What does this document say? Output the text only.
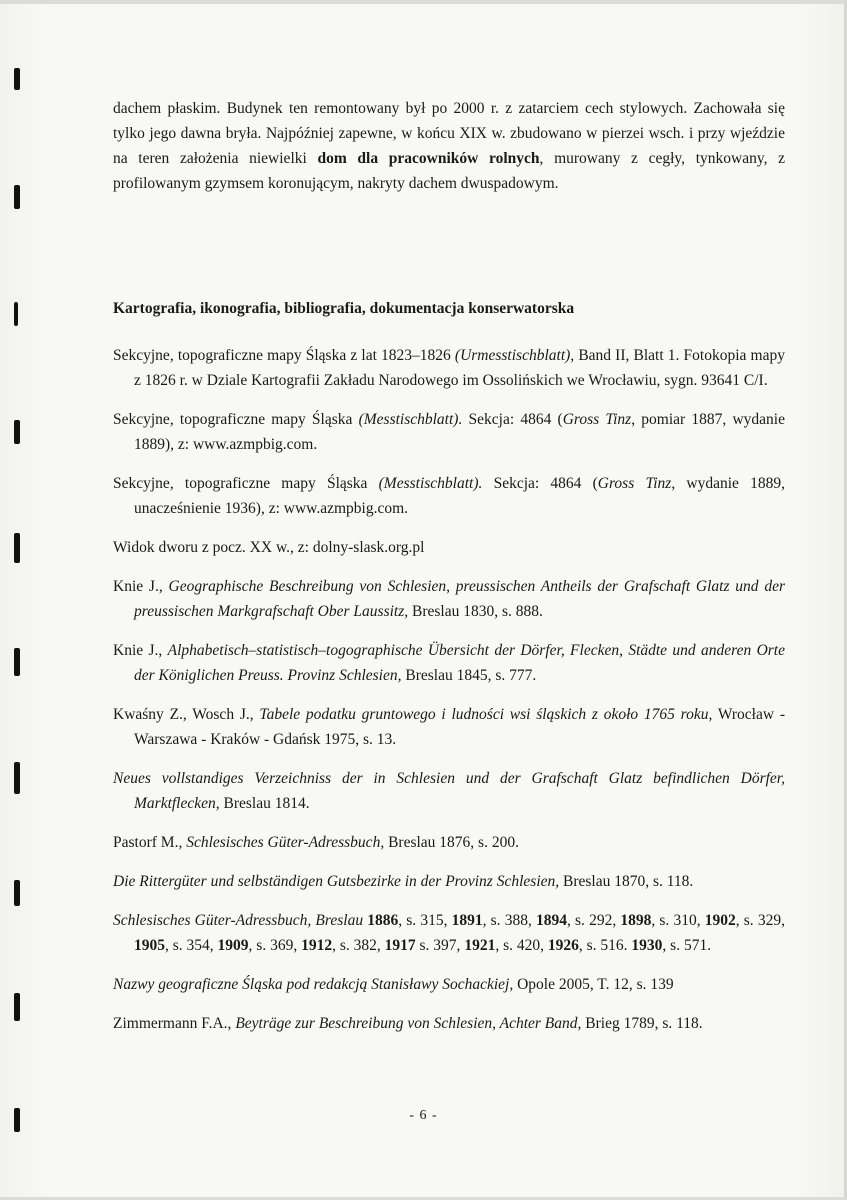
dachem płaskim. Budynek ten remontowany był po 2000 r. z zatarciem cech stylowych. Zachowała się tylko jego dawna bryła. Najpóźniej zapewne, w końcu XIX w. zbudowano w pierzei wsch. i przy wjeździe na teren założenia niewielki dom dla pracowników rolnych, murowany z cegły, tynkowany, z profilowanym gzymsem koronującym, nakryty dachem dwuspadowym.

Kartografia, ikonografia, bibliografia, dokumentacja konserwatorska
Sekcyjne, topograficzne mapy Śląska z lat 1823–1826 (Urmesstischblatt), Band II, Blatt 1. Fotokopia mapy z 1826 r. w Dziale Kartografii Zakładu Narodowego im Ossolińskich we Wrocławiu, sygn. 93641 C/I.
Sekcyjne, topograficzne mapy Śląska (Messtischblatt). Sekcja: 4864 (Gross Tinz, pomiar 1887, wydanie 1889), z: www.azmpbig.com.
Sekcyjne, topograficzne mapy Śląska (Messtischblatt). Sekcja: 4864 (Gross Tinz, wydanie 1889, unacześnienie 1936), z: www.azmpbig.com.
Widok dworu z pocz. XX w., z: dolny-slask.org.pl
Knie J., Geographische Beschreibung von Schlesien, preussischen Antheils der Grafschaft Glatz und der preussischen Markgrafschaft Ober Laussitz, Breslau 1830, s. 888.
Knie J., Alphabetisch–statistisch–togographische Übersicht der Dörfer, Flecken, Städte und anderen Orte der Königlichen Preuss. Provinz Schlesien, Breslau 1845, s. 777.
Kwaśny Z., Wosch J., Tabele podatku gruntowego i ludności wsi śląskich z około 1765 roku, Wrocław - Warszawa - Kraków - Gdańsk 1975, s. 13.
Neues vollstandiges Verzeichniss der in Schlesien und der Grafschaft Glatz befindlichen Dörfer, Marktflecken, Breslau 1814.
Pastorf M., Schlesisches Güter-Adressbuch, Breslau 1876, s. 200.
Die Rittergüter und selbständigen Gutsbezirke in der Provinz Schlesien, Breslau 1870, s. 118.
Schlesisches Güter-Adressbuch, Breslau 1886, s. 315, 1891, s. 388, 1894, s. 292, 1898, s. 310, 1902, s. 329, 1905, s. 354, 1909, s. 369, 1912, s. 382, 1917 s. 397, 1921, s. 420, 1926, s. 516. 1930, s. 571.
Nazwy geograficzne Śląska pod redakcją Stanisławy Sochackiej, Opole 2005, T. 12, s. 139
Zimmermann F.A., Beyträge zur Beschreibung von Schlesien, Achter Band, Brieg 1789, s. 118.
- 6 -
